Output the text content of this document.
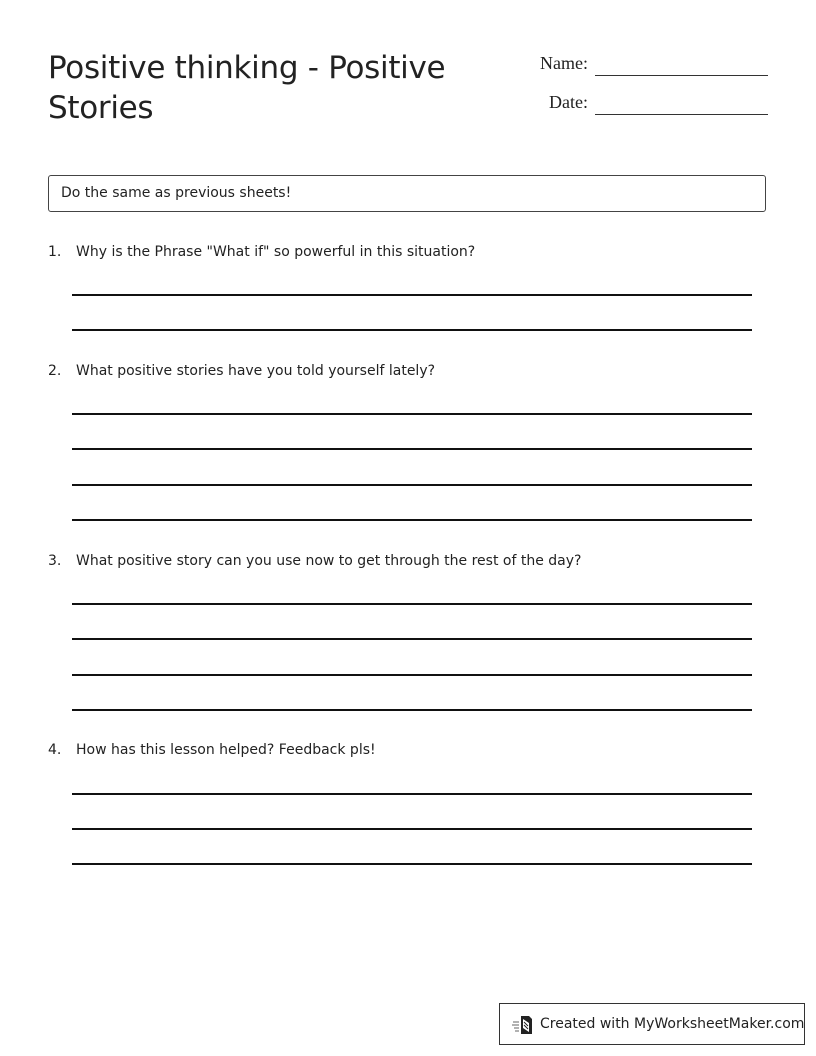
Positive thinking - Positive Stories
Name:
Date:
Do the same as previous sheets!
1. Why is the Phrase "What if" so powerful in this situation?
2. What positive stories have you told yourself lately?
3. What positive story can you use now to get through the rest of the day?
4. How has this lesson helped? Feedback pls!
Created with MyWorksheetMaker.com
